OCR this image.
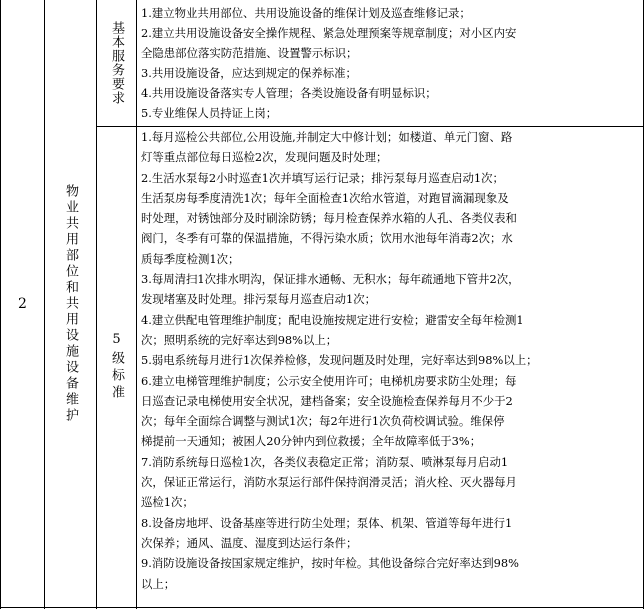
2	物业共用部位和共用设施设备维护
基本服务要求
5级标准
1.建立物业共用部位、共用设施设备的维保计划及巡查维修记录；
2.建立共用设施设备安全操作规程、紧急处理预案等规章制度；对小区内安
全隐患部位落实防范措施、设置警示标识；
3.共用设施设备，应达到规定的保养标准；
4.共用设施设备落实专人管理；各类设施设备有明显标识；
5.专业维保人员持证上岗；
1.每月巡检公共部位,公用设施,并制定大中修计划；如楼道、单元门窗、路
灯等重点部位每日巡检2次，发现问题及时处理；
2.生活水泵每2小时巡查1次并填写运行记录；排污泵每月巡查启动1次；
生活泵房每季度清洗1次；每年全面检查1次给水管道，对跑冒滴漏现象及
时处理，对锈蚀部分及时刷涂防锈；每月检查保养水箱的人孔、各类仪表和
阀门，冬季有可靠的保温措施，不得污染水质；饮用水池每年消毒2次；水
质每季度检测1次；
3.每周清扫1次排水明沟，保证排水通畅、无积水；每年疏通地下管井2次，
发现堵塞及时处理。排污泵每月巡查启动1次；
4.建立供配电管理维护制度；配电设施按规定进行安检；避雷安全每年检测1
次；照明系统的完好率达到98%以上；
5.弱电系统每月进行1次保养检修，发现问题及时处理，完好率达到98%以上；
6.建立电梯管理维护制度；公示安全使用许可；电梯机房要求防尘处理；每
日巡查记录电梯使用安全状况，建档备案；安全设施检查保养每月不少于2
次；每年全面综合调整与测试1次；每2年进行1次负荷校调试验。维保停
梯提前一天通知；被困人20分钟内到位救援；全年故障率低于3%；
7.消防系统每日巡检1次，各类仪表稳定正常；消防泵、喷淋泵每月启动1
次，保证正常运行，消防水泵运行部件保持润滑灵活；消火栓、灭火器每月
巡检1次；
8.设备房地坪、设备基座等进行防尘处理；泵体、机架、管道等每年进行1
次保养；通风、温度、湿度到达运行条件；
9.消防设施设备按国家规定维护，按时年检。其他设备综合完好率达到98%
以上；
